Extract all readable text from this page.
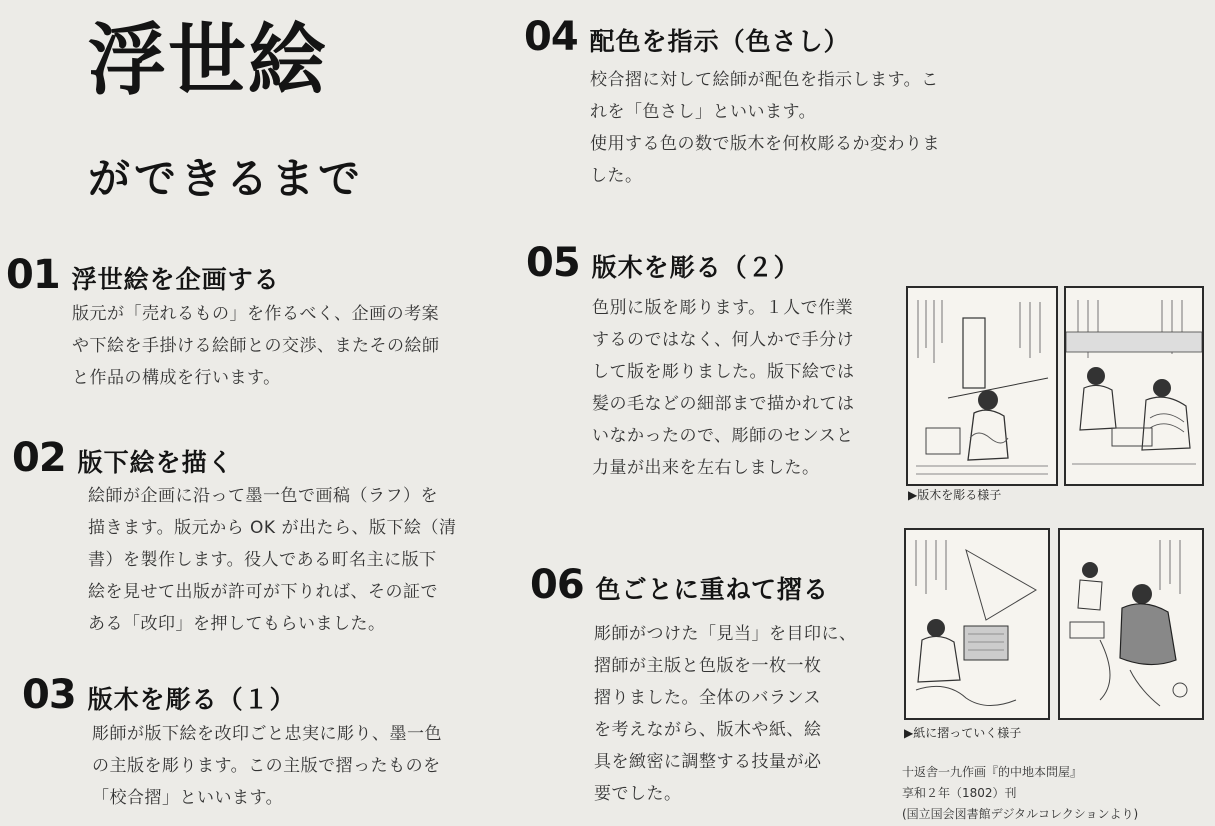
浮世絵
ができるまで
01 浮世絵を企画する
版元が「売れるもの」を作るべく、企画の考案
や下絵を手掛ける絵師との交渉、またその絵師
と作品の構成を行います。
02 版下絵を描く
絵師が企画に沿って墨一色で画稿（ラフ）を
描きます。版元から OK が出たら、版下絵（清
書）を製作します。役人である町名主に版下
絵を見せて出版が許可が下りれば、その証で
ある「改印」を押してもらいました。
03 版木を彫る（１）
彫師が版下絵を改印ごと忠実に彫り、墨一色
の主版を彫ります。この主版で摺ったものを
「校合摺」といいます。
04 配色を指示（色さし）
校合摺に対して絵師が配色を指示します。こ
れを「色さし」といいます。
使用する色の数で版木を何枚彫るか変わりま
した。
05 版木を彫る（２）
色別に版を彫ります。１人で作業
するのではなく、何人かで手分け
して版を彫りました。版下絵では
髪の毛などの細部まで描かれては
いなかったので、彫師のセンスと
力量が出来を左右しました。
06 色ごとに重ねて摺る
彫師がつけた「見当」を目印に、
摺師が主版と色版を一枚一枚
摺りました。全体のバランス
を考えながら、版木や紙、絵
具を緻密に調整する技量が必
要でした。
▶版木を彫る様子
▶紙に摺っていく様子
十返舎一九作画『的中地本問屋』
享和２年（1802）刊
(国立国会図書館デジタルコレクションより)
